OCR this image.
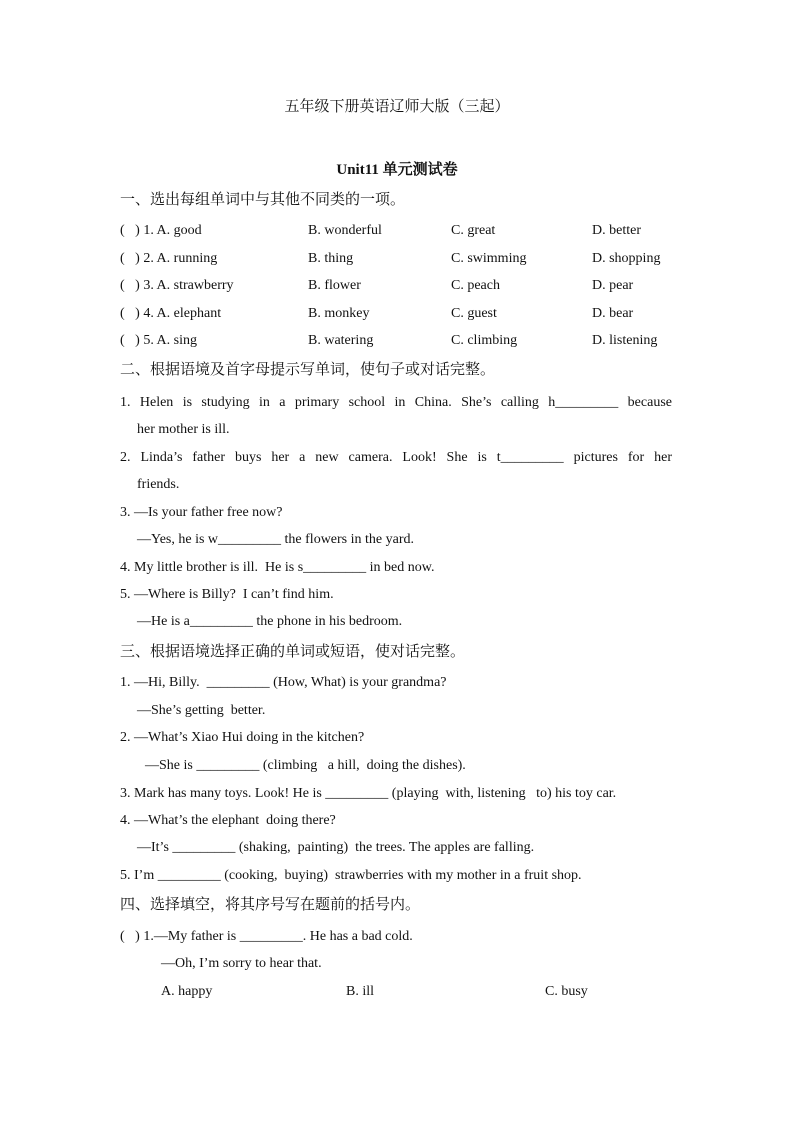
五年级下册英语辽师大版（三起）
Unit11 单元测试卷
一、选出每组单词中与其他不同类的一项。
(   ) 1. A. good	B. wonderful	C. great	D. better
(   ) 2. A. running	B. thing	C. swimming	D. shopping
(   ) 3. A. strawberry	B. flower	C. peach	D. pear
(   ) 4. A. elephant	B. monkey	C. guest	D. bear
(   ) 5. A. sing	B. watering	C. climbing	D. listening
二、根据语境及首字母提示写单词，使句子或对话完整。
1. Helen is studying in a primary school in China. She’s calling h_________ because
her mother is ill.
2. Linda’s father buys her a new camera. Look! She is t_________ pictures for her
friends.
3. —Is your father free now?
—Yes, he is w_________ the flowers in the yard.
4. My little brother is ill.  He is s_________ in bed now.
5. —Where is Billy?  I can’t find him.
—He is a_________ the phone in his bedroom.
三、根据语境选择正确的单词或短语，使对话完整。
1. —Hi, Billy.  _________ (How, What) is your grandma?
—She’s getting  better.
2. —What’s Xiao Hui doing in the kitchen?
—She is _________ (climbing   a hill,  doing the dishes).
3. Mark has many toys. Look! He is _________ (playing  with, listening   to) his toy car.
4. —What’s the elephant  doing there?
—It’s _________ (shaking,  painting)  the trees. The apples are falling.
5. I’m _________ (cooking,  buying)  strawberries with my mother in a fruit shop.
四、选择填空，将其序号写在题前的括号内。
(   ) 1.—My father is _________. He has a bad cold.
—Oh, I’m sorry to hear that.
A. happy	B. ill	C. busy
